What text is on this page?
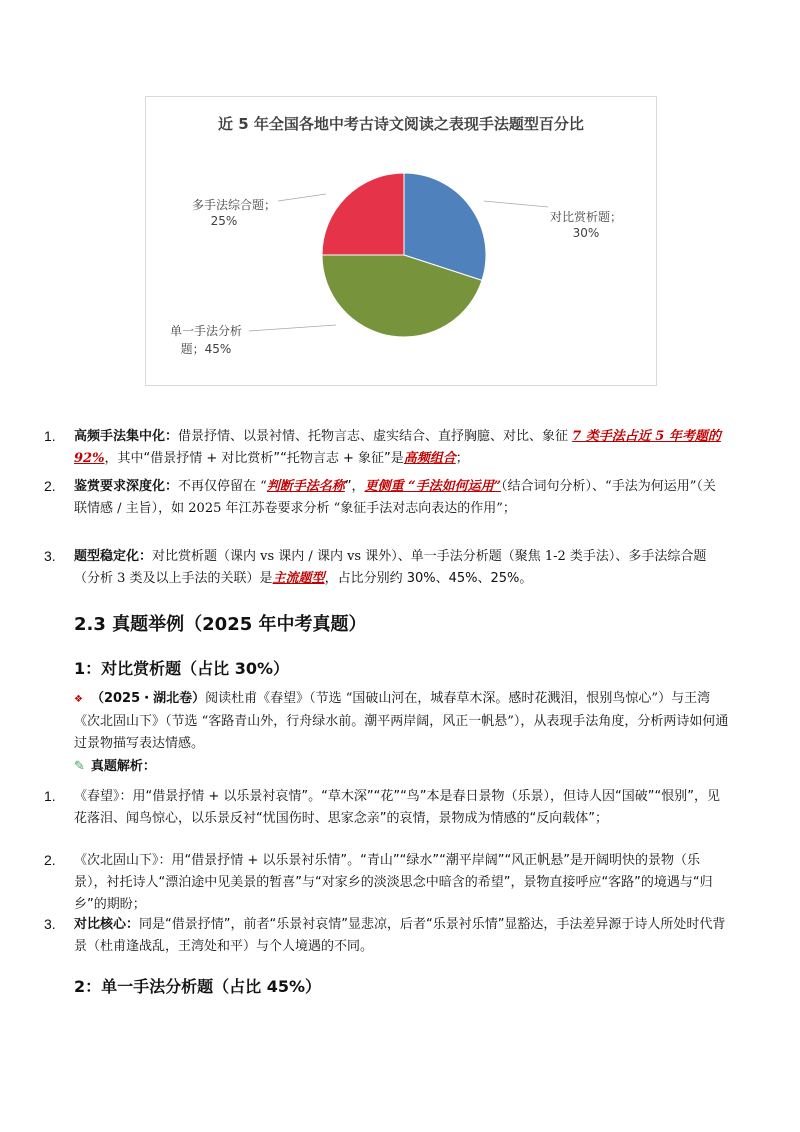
近 5 年全国各地中考古诗文阅读之表现手法题型百分比
对比赏析题；
30%
单一手法分析
题；45%
多手法综合题；
25%
1. 高频手法集中化：借景抒情、以景衬情、托物言志、虚实结合、直抒胸臆、对比、象征 7 类手法占近 5 年考题的 92%，其中“借景抒情 + 对比赏析”“托物言志 + 象征”是高频组合；
2. 鉴赏要求深度化：不再仅停留在 “判断手法名称”，更侧重 “手法如何运用”（结合词句分析）、“手法为何运用”（关联情感 / 主旨），如 2025 年江苏卷要求分析 “象征手法对志向表达的作用”；
3. 题型稳定化：对比赏析题（课内 vs 课内 / 课内 vs 课外）、单一手法分析题（聚焦 1-2 类手法）、多手法综合题（分析 3 类及以上手法的关联）是主流题型，占比分别约 30%、45%、25%。
2.3 真题举例（2025 年中考真题）
1：对比赏析题（占比 30%）
❖ （2025・湖北卷）阅读杜甫《春望》（节选 “国破山河在，城春草木深。感时花溅泪，恨别鸟惊心”）与王湾《次北固山下》（节选 “客路青山外，行舟绿水前。潮平两岸阔，风正一帆悬”），从表现手法角度，分析两诗如何通过景物描写表达情感。
✎ 真题解析：
1. 《春望》：用“借景抒情 + 以乐景衬哀情”。“草木深”“花”“鸟”本是春日景物（乐景），但诗人因“国破”“恨别”，见花落泪、闻鸟惊心，以乐景反衬“忧国伤时、思家念亲”的哀情，景物成为情感的“反向载体”；
2. 《次北固山下》：用“借景抒情 + 以乐景衬乐情”。“青山”“绿水”“潮平岸阔”“风正帆悬”是开阔明快的景物（乐景），衬托诗人“漂泊途中见美景的暂喜”与“对家乡的淡淡思念中暗含的希望”，景物直接呼应“客路”的境遇与“归乡”的期盼；
3. 对比核心：同是“借景抒情”，前者“乐景衬哀情”显悲凉，后者“乐景衬乐情”显豁达，手法差异源于诗人所处时代背景（杜甫逢战乱，王湾处和平）与个人境遇的不同。
2：单一手法分析题（占比 45%）
